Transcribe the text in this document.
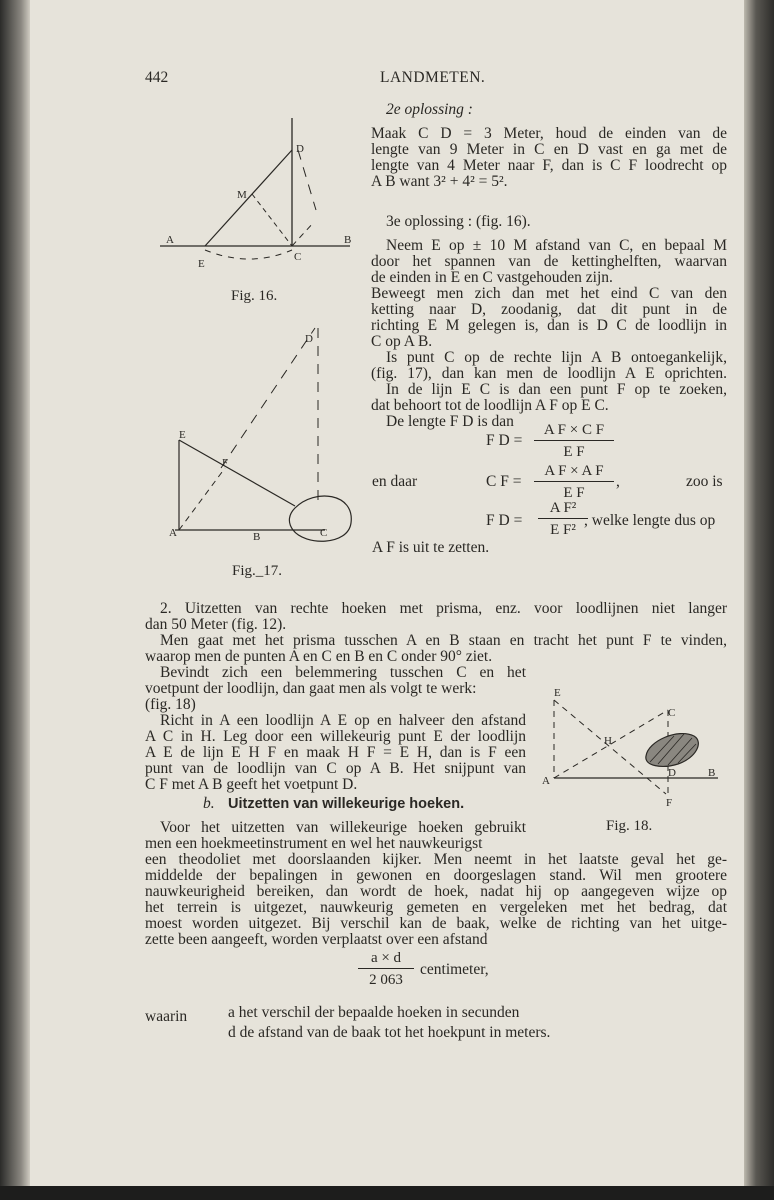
442	LANDMETEN.
D
M
A	B
E
C
Fig. 16.
D
E
F
A	B	C
Fig._17.
2e oplossing :
Maak C D = 3 Meter, houd de einden van de
lengte van 9 Meter in C en D vast en ga met de
lengte van 4 Meter naar F, dan is C F loodrecht op
A B want 3² + 4² = 5².
3e oplossing : (fig. 16).
Neem E op ± 10 M afstand van C, en bepaal M
door het spannen van de kettinghelften, waarvan
de einden in E en C vastgehouden zijn.
Beweegt men zich dan met het eind C van den
ketting naar D, zoodanig, dat dit punt in de
richting E M gelegen is, dan is D C de loodlijn in
C op A B.
Is punt C op de rechte lijn A B ontoegankelijk,
(fig. 17), dan kan men de loodlijn A E oprichten.
In de lijn E C is dan een punt F op te zoeken,
dat behoort tot de loodlijn A F op E C.
De lengte F D is dan
F D =
A F × C F
E F
en daar	C F =
A F × A F
E F
,	zoo is
F D =
A F²
E F²
, welke lengte dus op
A F is uit te zetten.
2. Uitzetten van rechte hoeken met prisma, enz. voor loodlijnen niet langer
dan 50 Meter (fig. 12).
Men gaat met het prisma tusschen A en B staan en tracht het punt F te vinden,
waarop men de punten A en C en B en C onder 90° ziet.
Bevindt zich een belemmering tusschen C en het
voetpunt der loodlijn, dan gaat men als volgt te werk:
(fig. 18)
Richt in A een loodlijn A E op en halveer den afstand
A C in H. Leg door een willekeurig punt E der loodlijn
A E de lijn E H F en maak H F = E H, dan is F een
punt van de loodlijn van C op A B. Het snijpunt van
C F met A B geeft het voetpunt D.
E
C
H
A
D	B
F
Fig. 18.
b. Uitzetten van willekeurige hoeken.
Voor het uitzetten van willekeurige hoeken gebruikt
men een hoekmeetinstrument en wel het nauwkeurigst
een theodoliet met doorslaanden kijker. Men neemt in het laatste geval het ge-
middelde der bepalingen in gewonen en doorgeslagen stand. Wil men grootere
nauwkeurigheid bereiken, dan wordt de hoek, nadat hij op aangegeven wijze op
het terrein is uitgezet, nauwkeurig gemeten en vergeleken met het bedrag, dat
moest worden uitgezet. Bij verschil kan de baak, welke de richting van het uitge-
zette been aangeeft, worden verplaatst over een afstand
a × d
2 063
centimeter,
waarin	a het verschil der bepaalde hoeken in secunden
d de afstand van de baak tot het hoekpunt in meters.
